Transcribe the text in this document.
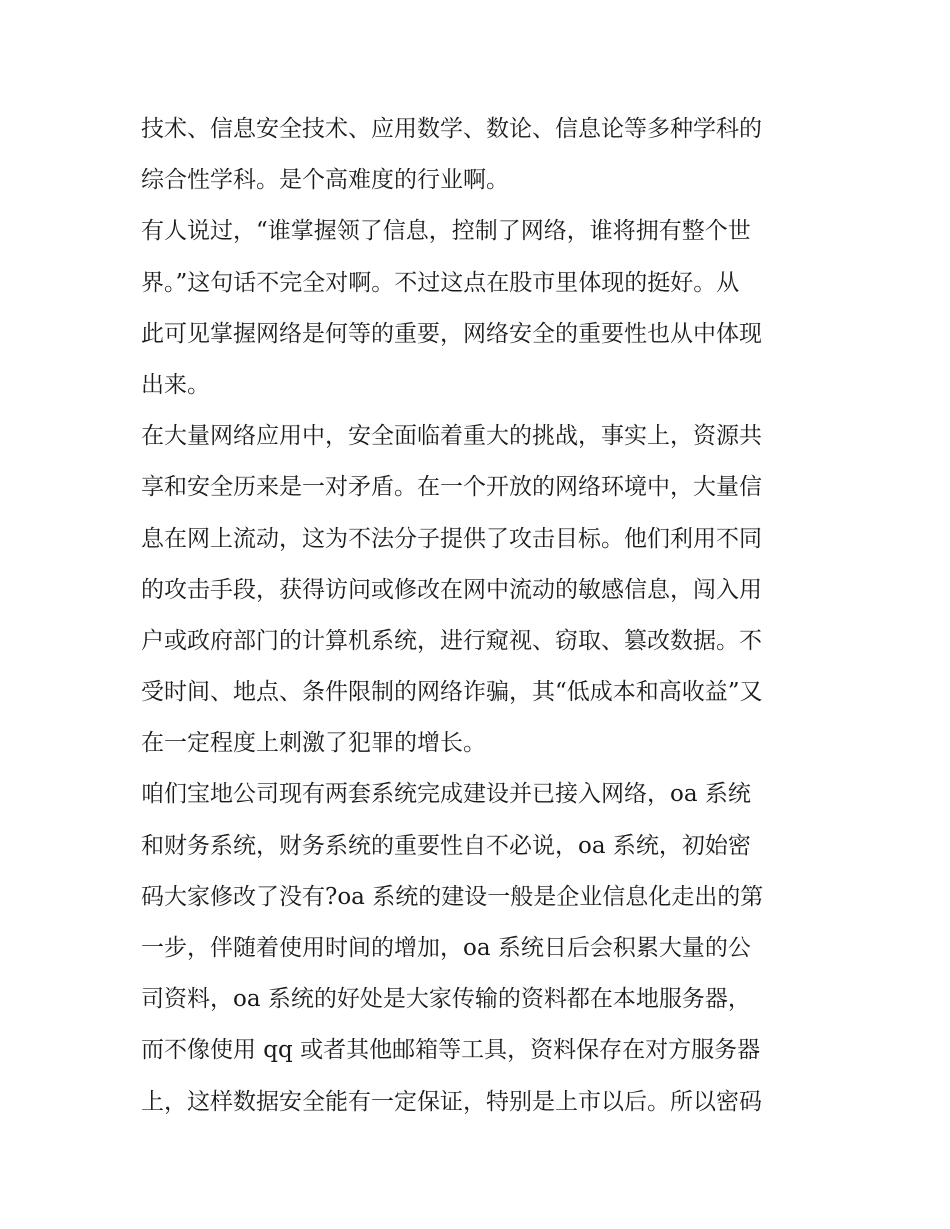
技术、信息安全技术、应用数学、数论、信息论等多种学科的
综合性学科。是个高难度的行业啊。
有人说过，“谁掌握领了信息，控制了网络，谁将拥有整个世
界。”这句话不完全对啊。不过这点在股市里体现的挺好。从
此可见掌握网络是何等的重要，网络安全的重要性也从中体现
出来。
在大量网络应用中，安全面临着重大的挑战，事实上，资源共
享和安全历来是一对矛盾。在一个开放的网络环境中，大量信
息在网上流动，这为不法分子提供了攻击目标。他们利用不同
的攻击手段，获得访问或修改在网中流动的敏感信息，闯入用
户或政府部门的计算机系统，进行窥视、窃取、篡改数据。不
受时间、地点、条件限制的网络诈骗，其“低成本和高收益”又
在一定程度上刺激了犯罪的增长。
咱们宝地公司现有两套系统完成建设并已接入网络，oa 系统
和财务系统，财务系统的重要性自不必说，oa 系统，初始密
码大家修改了没有?oa 系统的建设一般是企业信息化走出的第
一步，伴随着使用时间的增加，oa 系统日后会积累大量的公
司资料，oa 系统的好处是大家传输的资料都在本地服务器，
而不像使用 qq 或者其他邮箱等工具，资料保存在对方服务器
上，这样数据安全能有一定保证，特别是上市以后。所以密码
